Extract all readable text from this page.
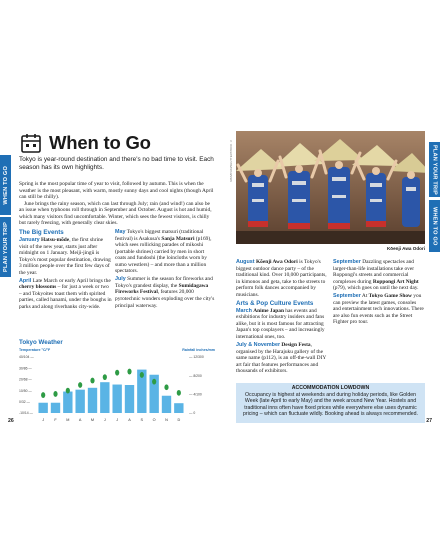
WHEN TO GO
PLAN YOUR TRIP
PLAN YOUR TRIP
WHEN TO GO
When to Go

Tokyo is year-round destination and there's no bad time to visit. Each season has its own highlights.

Spring is the most popular time of year to visit, followed by autumn. This is when the weather is the most pleasant, with warm, mostly sunny days and cool nights (though April can still be chilly).

June brings the rainy season, which can last through July; rain (and wind!) can also be an issue when typhoons roll through in September and October. August is hot and humid, which many visitors find uncomfortable. Winter, which sees the fewest visitors, is chilly but rarely freezing, with generally clear skies.

The Big Events

January Hatsu-mōde, the first shrine visit of the new year, starts just after midnight on 1 January. Meiji-jingū is Tokyo's most popular destination, drawing 3 million people over the first few days of the year.

April Late March or early April brings the cherry blossoms – for just a week or two – and Tokyoites toast them with spirited parties, called hanami, under the boughs in parks and along riverbanks city-wide.

May Tokyo's biggest matsuri (traditional festival) is Asakusa's Sanja Matsuri (p169), which sees rollicking parades of mikoshi (portable shrines) carried by men in short coats and fundoshi (the loincloths worn by sumo wrestlers) – and more than a million spectators.

July Summer is the season for fireworks and Tokyo's grandest display, the Sumidagawa Fireworks Festival, features 20,000 pyrotechnic wonders exploding over the city's principal waterway.

Tokyo Weather
Temperature °C/°F	Rainfall inches/mm
40/104 —
30/86 —
20/68 —
10/50 —
0/32 —
-10/14 —
— 12/300
— 8/200
— 4/100
— 0
J	F	M A M	J	J	A	S	O N	D
MASAYUKI/SHUTTERSTOCK ©
Kōenji Awa Odori

August Kōenji Awa Odori is Tokyo's biggest outdoor dance party – of the traditional kind. Over 10,000 participants, in kimonos and geta, take to the streets to perform folk dances accompanied by musicians.

Arts & Pop Culture Events

March Anime Japan has events and exhibitions for industry insiders and fans alike, but it is most famous for attracting Japan's top cosplayers – and increasingly international ones, too.

July & November Design Festa, organised by the Harajuku gallery of the same name (p112), is an off-the-wall DIY art fair that features performances and thousands of exhibitors.

September Dazzling spectacles and larger-than-life installations take over Roppongi's streets and commercial complexes during Roppongi Art Night (p79), which goes on until the next day.

September At Tokyo Game Show you can preview the latest games, consoles and entertainment tech innovations. There are also fun events such as the Street Fighter pro tour.

ACCOMMODATION LOWDOWN
Occupancy is highest at weekends and during holiday periods, like Golden Week (late April to early May) and the week around New Year. Hostels and traditional inns often have fixed prices while everywhere else uses dynamic pricing – which can fluctuate wildly. Booking ahead is always recommended.
26	27
